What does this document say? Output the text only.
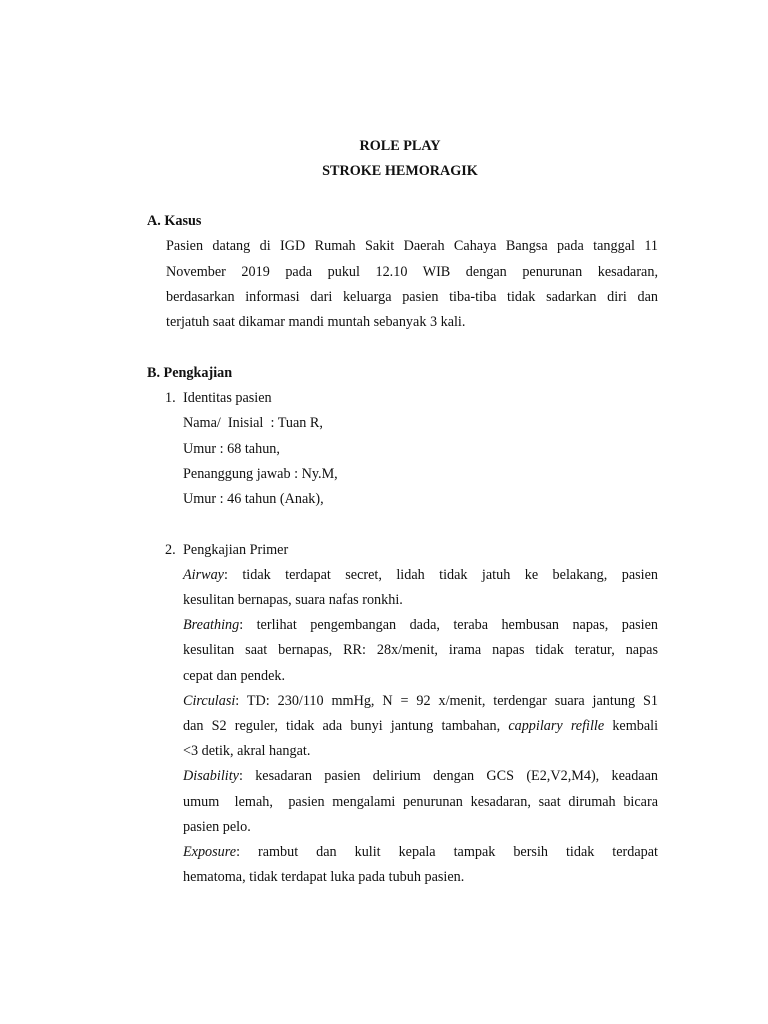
ROLE PLAY
STROKE HEMORAGIK
A. Kasus
Pasien datang di IGD Rumah Sakit Daerah Cahaya Bangsa pada tanggal 11
November 2019 pada pukul 12.10 WIB dengan penurunan kesadaran,
berdasarkan informasi dari keluarga pasien tiba-tiba tidak sadarkan diri dan
terjatuh saat dikamar mandi muntah sebanyak 3 kali.
B. Pengkajian
1. Identitas pasien
Nama/  Inisial  : Tuan R,
Umur : 68 tahun,
Penanggung jawab : Ny.M,
Umur : 46 tahun (Anak),
2. Pengkajian Primer
Airway: tidak terdapat secret, lidah tidak jatuh ke belakang, pasien
kesulitan bernapas, suara nafas ronkhi.
Breathing: terlihat pengembangan dada, teraba hembusan napas, pasien
kesulitan saat bernapas, RR: 28x/menit, irama napas tidak teratur, napas
cepat dan pendek.
Circulasi: TD: 230/110 mmHg, N = 92 x/menit, terdengar suara jantung S1
dan S2 reguler, tidak ada bunyi jantung tambahan, cappilary refille kembali
<3 detik, akral hangat.
Disability: kesadaran pasien delirium dengan GCS (E2,V2,M4), keadaan
umum  lemah,  pasien mengalami penurunan kesadaran, saat dirumah bicara
pasien pelo.
Exposure: rambut dan kulit kepala tampak bersih tidak terdapat
hematoma, tidak terdapat luka pada tubuh pasien.
